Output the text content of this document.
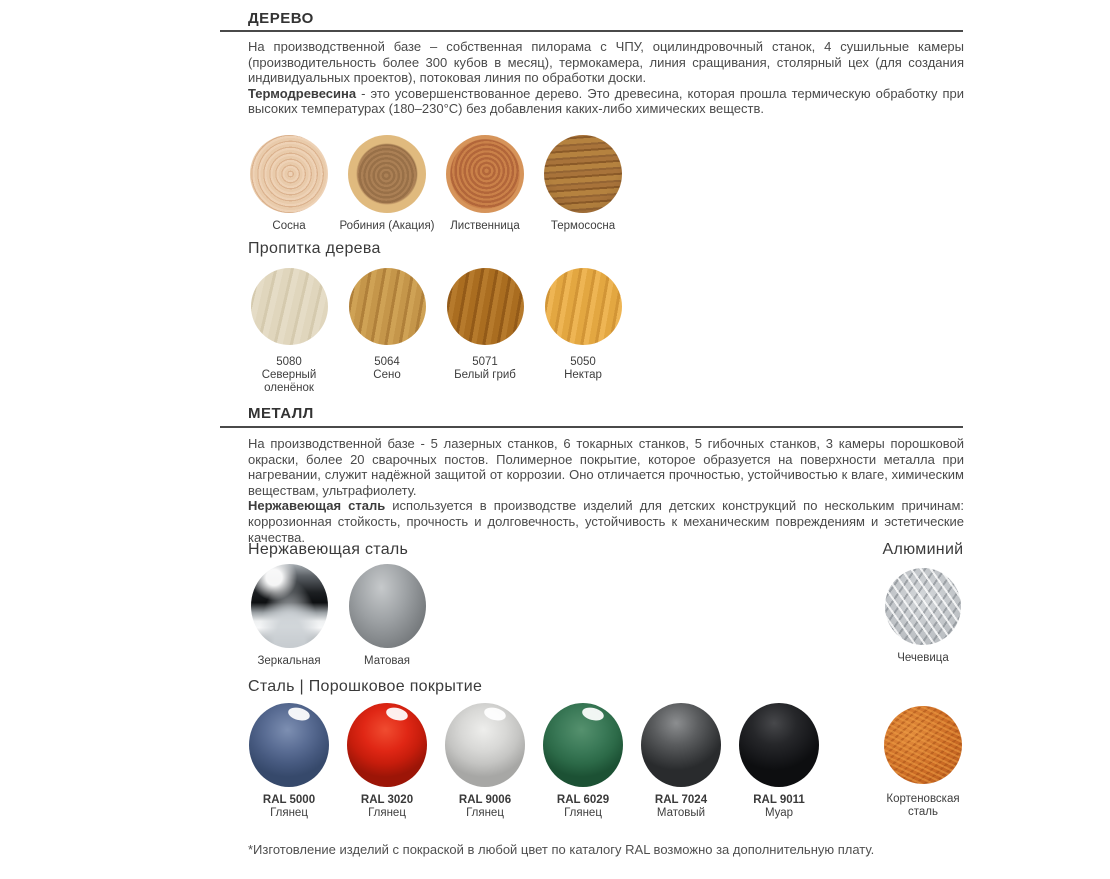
ДЕРЕВО

На производственной базе – собственная пилорама с ЧПУ, оцилиндровочный станок, 4 сушильные камеры (производительность более 300 кубов в месяц), термокамера, линия сращивания, столярный цех (для создания индивидуальных проектов), потоковая линия по обработки доски.

Термодревесина - это усовершенствованное дерево. Это древесина, которая прошла термическую обработку при высоких температурах (180–230°С) без добавления каких-либо химических веществ.

Сосна	Робиния (Акация)	Лиственница	Термососна
Пропитка дерева
5080
Северный оленёнок
5064
Сено
5071
Белый гриб
5050
Нектар
МЕТАЛЛ

На производственной базе - 5 лазерных станков, 6 токарных станков, 5 гибочных станков, 3 камеры порошковой окраски, более 20 сварочных постов. Полимерное покрытие, которое образуется на поверхности металла при нагревании, служит надёжной защитой от коррозии. Оно отличается прочностью, устойчивостью к влаге, химическим веществам, ультрафиолету.

Нержавеющая сталь используется в производстве изделий для детских конструкций по нескольким причинам: коррозионная стойкость, прочность и долговечность, устойчивость к механическим повреждениям и эстетические качества.

Нержавеющая сталь
Зеркальная	Матовая
Алюминий
Чечевица
Сталь | Порошковое покрытие
RAL 5000
Глянец
RAL 3020
Глянец
RAL 9006
Глянец
RAL 6029
Глянец
RAL 7024
Матовый
RAL 9011
Муар
Кортеновская сталь
*Изготовление изделий с покраской в любой цвет по каталогу RAL возможно за дополнительную плату.
